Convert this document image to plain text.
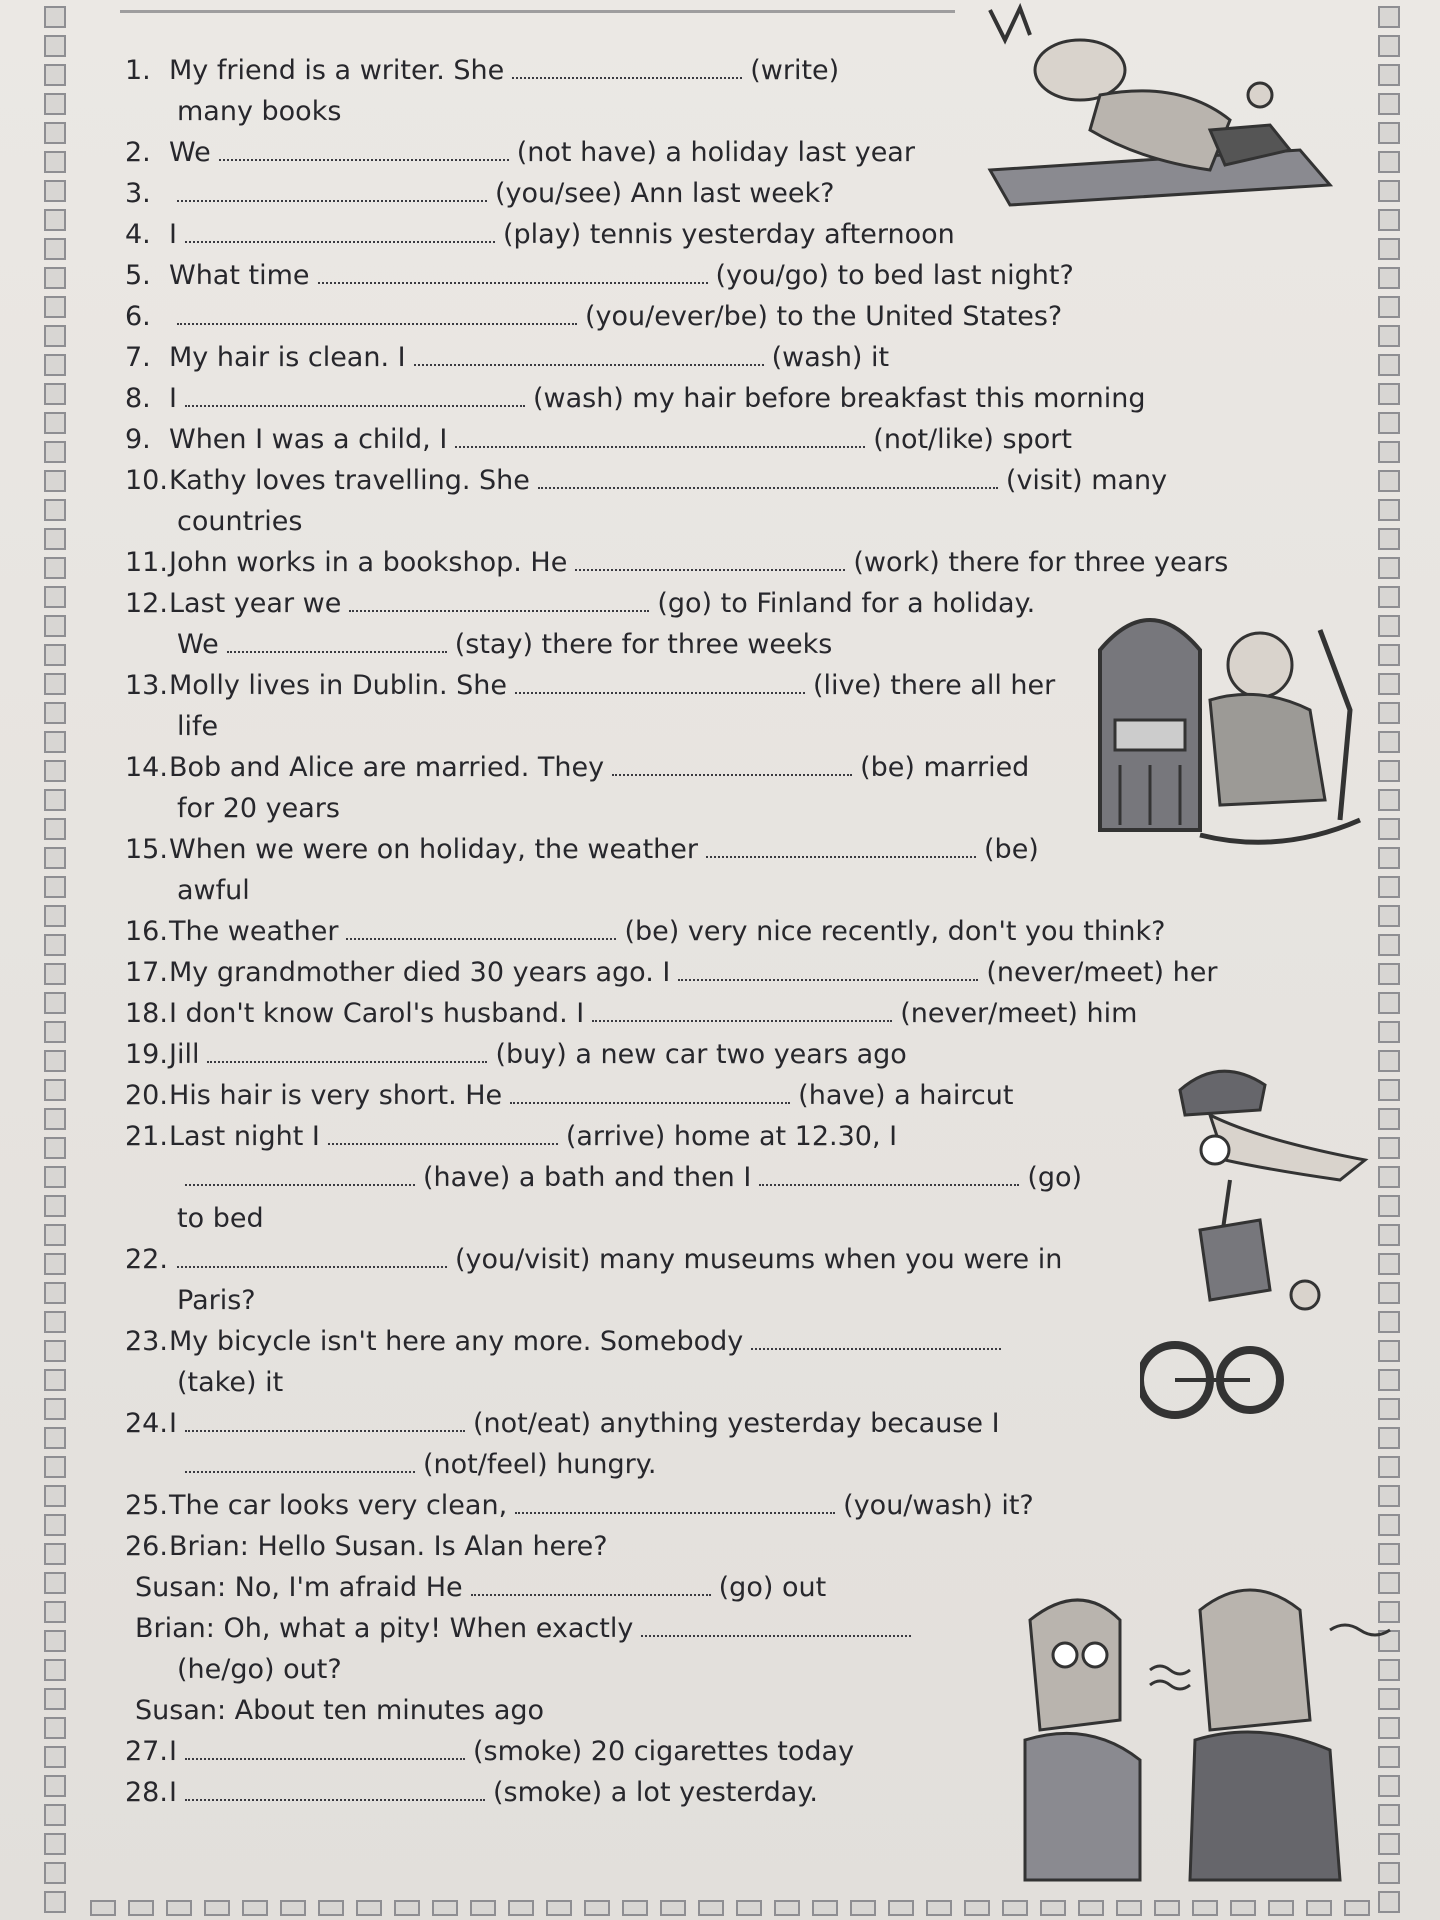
1. My friend is a writer. She	(write)
many books
2. We	(not have) a holiday last year
3.	(you/see) Ann last week?
4. I	(play) tennis yesterday afternoon
5. What time	(you/go) to bed last night?
6.	(you/ever/be) to the United States?
7. My hair is clean. I	(wash) it
8. I	(wash) my hair before breakfast this morning
9. When I was a child, I	(not/like) sport
10. Kathy loves travelling. She	(visit) many
countries
11. John works in a bookshop. He	(work) there for three years
12. Last year we	(go) to Finland for a holiday.
We	(stay) there for three weeks
13. Molly lives in Dublin. She	(live) there all her
life
14. Bob and Alice are married. They	(be) married
for 20 years
15. When we were on holiday, the weather	(be)
awful
16. The weather	(be) very nice recently, don't you think?
17. My grandmother died 30 years ago. I	(never/meet) her
18. I don't know Carol's husband. I	(never/meet) him
19. Jill	(buy) a new car two years ago
20. His hair is very short. He	(have) a haircut
21. Last night I	(arrive) home at 12.30, I
(have) a bath and then I	(go)
to bed
22.	(you/visit) many museums when you were in
Paris?
23. My bicycle isn't here any more. Somebody
(take) it
24. I	(not/eat) anything yesterday because I
(not/feel) hungry.
25. The car looks very clean,	(you/wash) it?
26. Brian: Hello Susan. Is Alan here?
Susan: No, I'm afraid He	(go) out
Brian: Oh, what a pity! When exactly
(he/go) out?
Susan: About ten minutes ago
27. I	(smoke) 20 cigarettes today
28. I	(smoke) a lot yesterday.
